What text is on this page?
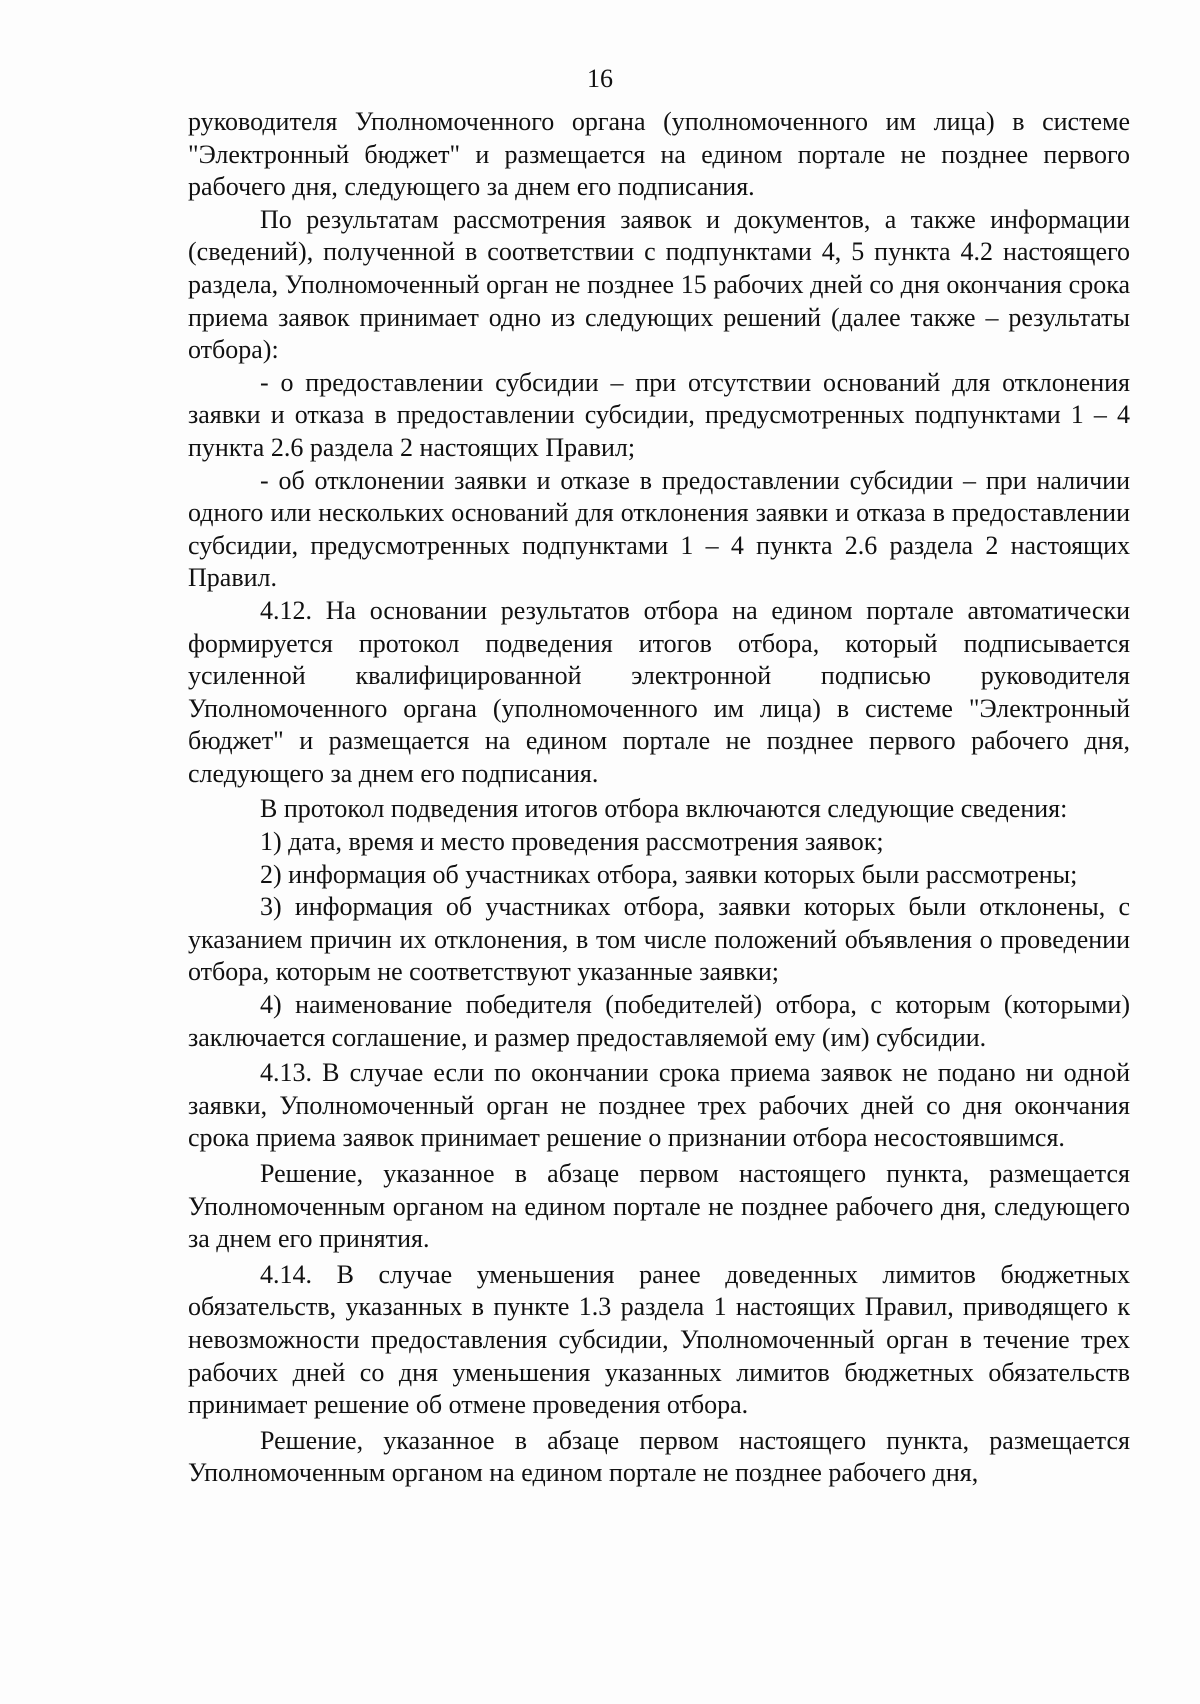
16

руководителя Уполномоченного органа (уполномоченного им лица) в системе "Электронный бюджет" и размещается на едином портале не позднее первого рабочего дня, следующего за днем его подписания.

По результатам рассмотрения заявок и документов, а также информации (сведений), полученной в соответствии с подпунктами 4, 5 пункта 4.2 настоящего раздела, Уполномоченный орган не позднее 15 рабочих дней со дня окончания срока приема заявок принимает одно из следующих решений (далее также – результаты отбора):

- о предоставлении субсидии – при отсутствии оснований для отклонения заявки и отказа в предоставлении субсидии, предусмотренных подпунктами 1 – 4 пункта 2.6 раздела 2 настоящих Правил;

- об отклонении заявки и отказе в предоставлении субсидии – при наличии одного или нескольких оснований для отклонения заявки и отказа в предоставлении субсидии, предусмотренных подпунктами 1 – 4 пункта 2.6 раздела 2 настоящих Правил.

4.12. На основании результатов отбора на едином портале автоматически формируется протокол подведения итогов отбора, который подписывается усиленной квалифицированной электронной подписью руководителя Уполномоченного органа (уполномоченного им лица) в системе "Электронный бюджет" и размещается на едином портале не позднее первого рабочего дня, следующего за днем его подписания.

В протокол подведения итогов отбора включаются следующие сведения:

1) дата, время и место проведения рассмотрения заявок;

2) информация об участниках отбора, заявки которых были рассмотрены;

3) информация об участниках отбора, заявки которых были отклонены, с указанием причин их отклонения, в том числе положений объявления о проведении отбора, которым не соответствуют указанные заявки;

4) наименование победителя (победителей) отбора, с которым (которыми) заключается соглашение, и размер предоставляемой ему (им) субсидии.

4.13. В случае если по окончании срока приема заявок не подано ни одной заявки, Уполномоченный орган не позднее трех рабочих дней со дня окончания срока приема заявок принимает решение о признании отбора несостоявшимся.

Решение, указанное в абзаце первом настоящего пункта, размещается Уполномоченным органом на едином портале не позднее рабочего дня, следующего за днем его принятия.

4.14. В случае уменьшения ранее доведенных лимитов бюджетных обязательств, указанных в пункте 1.3 раздела 1 настоящих Правил, приводящего к невозможности предоставления субсидии, Уполномоченный орган в течение трех рабочих дней со дня уменьшения указанных лимитов бюджетных обязательств принимает решение об отмене проведения отбора.

Решение, указанное в абзаце первом настоящего пункта, размещается Уполномоченным органом на едином портале не позднее рабочего дня,
